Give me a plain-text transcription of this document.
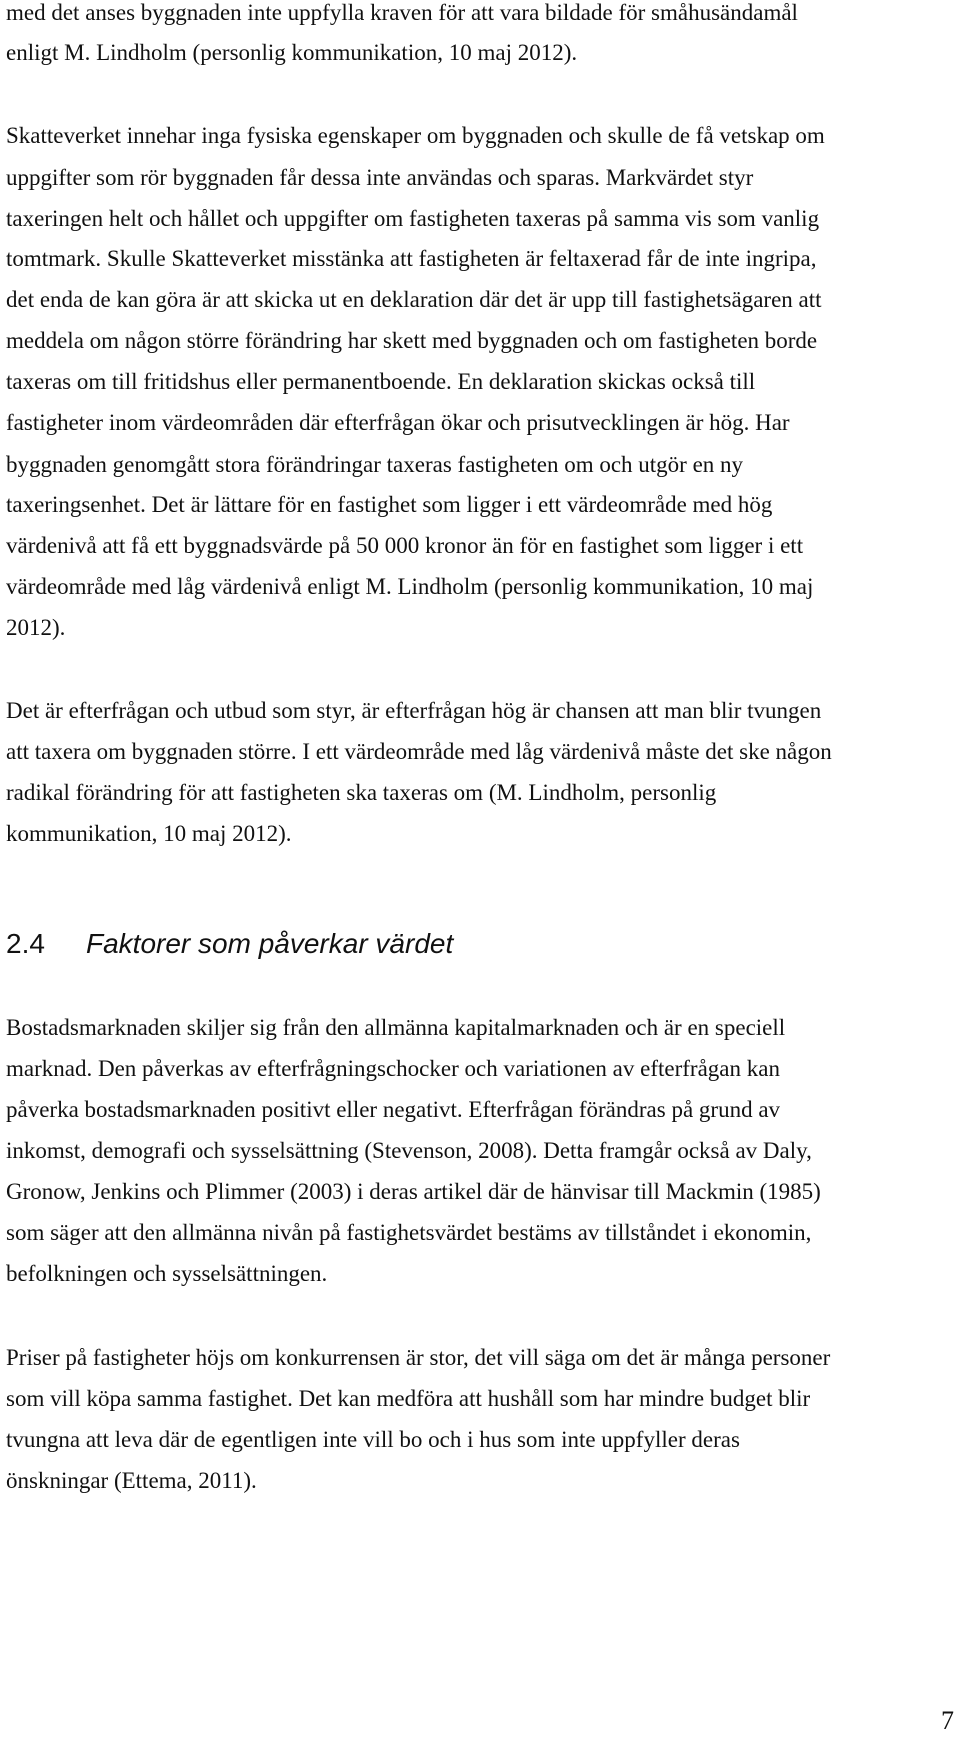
med det anses byggnaden inte uppfylla kraven för att vara bildade för småhusändamål
enligt M. Lindholm (personlig kommunikation, 10 maj 2012).
Skatteverket innehar inga fysiska egenskaper om byggnaden och skulle de få vetskap om
uppgifter som rör byggnaden får dessa inte användas och sparas. Markvärdet styr
taxeringen helt och hållet och uppgifter om fastigheten taxeras på samma vis som vanlig
tomtmark. Skulle Skatteverket misstänka att fastigheten är feltaxerad får de inte ingripa,
det enda de kan göra är att skicka ut en deklaration där det är upp till fastighetsägaren att
meddela om någon större förändring har skett med byggnaden och om fastigheten borde
taxeras om till fritidshus eller permanentboende. En deklaration skickas också till
fastigheter inom värdeområden där efterfrågan ökar och prisutvecklingen är hög. Har
byggnaden genomgått stora förändringar taxeras fastigheten om och utgör en ny
taxeringsenhet. Det är lättare för en fastighet som ligger i ett värdeområde med hög
värdenivå att få ett byggnadsvärde på 50 000 kronor än för en fastighet som ligger i ett
värdeområde med låg värdenivå enligt M. Lindholm (personlig kommunikation, 10 maj
2012).
Det är efterfrågan och utbud som styr, är efterfrågan hög är chansen att man blir tvungen
att taxera om byggnaden större. I ett värdeområde med låg värdenivå måste det ske någon
radikal förändring för att fastigheten ska taxeras om (M. Lindholm, personlig
kommunikation, 10 maj 2012).
2.4 Faktorer som påverkar värdet
Bostadsmarknaden skiljer sig från den allmänna kapitalmarknaden och är en speciell
marknad. Den påverkas av efterfrågningschocker och variationen av efterfrågan kan
påverka bostadsmarknaden positivt eller negativt. Efterfrågan förändras på grund av
inkomst, demografi och sysselsättning (Stevenson, 2008). Detta framgår också av Daly,
Gronow, Jenkins och Plimmer (2003) i deras artikel där de hänvisar till Mackmin (1985)
som säger att den allmänna nivån på fastighetsvärdet bestäms av tillståndet i ekonomin,
befolkningen och sysselsättningen.
Priser på fastigheter höjs om konkurrensen är stor, det vill säga om det är många personer
som vill köpa samma fastighet. Det kan medföra att hushåll som har mindre budget blir
tvungna att leva där de egentligen inte vill bo och i hus som inte uppfyller deras
önskningar (Ettema, 2011).
7
